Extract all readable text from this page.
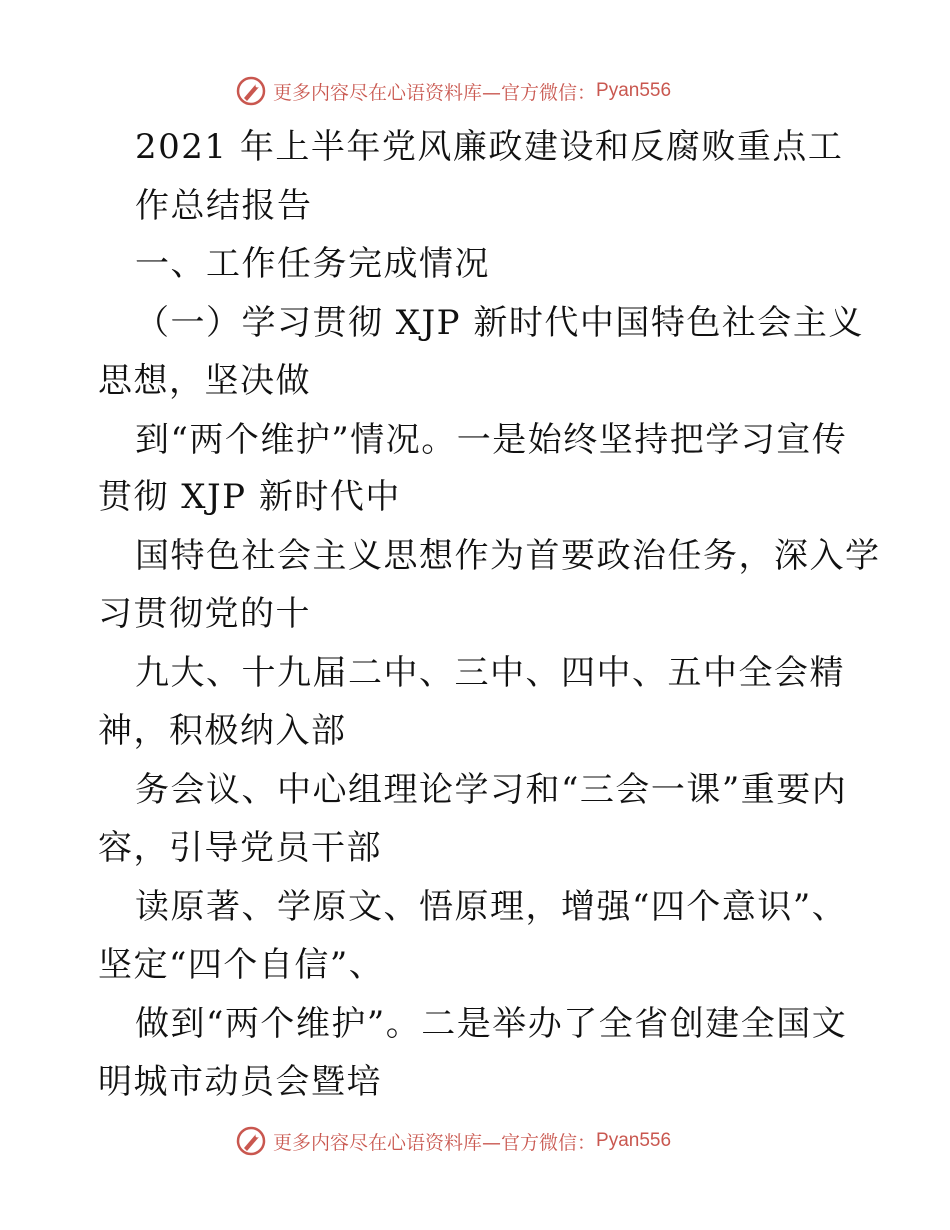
更多内容尽在心语资料库—官方微信： Pyan556
2021 年上半年党风廉政建设和反腐败重点工
作总结报告
一、工作任务完成情况
（一）学习贯彻 XJP 新时代中国特色社会主义
思想，坚决做
到“两个维护”情况。一是始终坚持把学习宣传
贯彻 XJP 新时代中
国特色社会主义思想作为首要政治任务，深入学
习贯彻党的十
九大、十九届二中、三中、四中、五中全会精
神，积极纳入部
务会议、中心组理论学习和“三会一课”重要内
容，引导党员干部
读原著、学原文、悟原理，增强“四个意识”、
坚定“四个自信”、
做到“两个维护”。二是举办了全省创建全国文
明城市动员会暨培
更多内容尽在心语资料库—官方微信： Pyan556
